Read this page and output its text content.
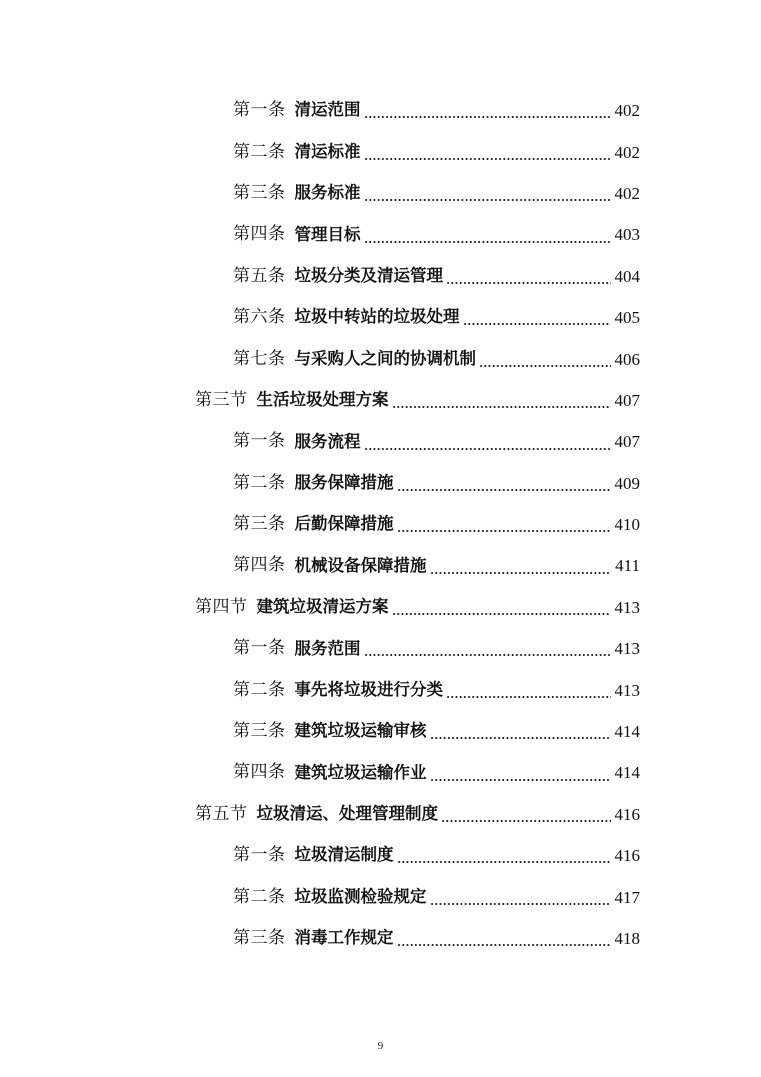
第一条 清运范围	402
第二条 清运标准	402
第三条 服务标准	402
第四条 管理目标	403
第五条 垃圾分类及清运管理	404
第六条 垃圾中转站的垃圾处理	405
第七条 与采购人之间的协调机制	406
第三节 生活垃圾处理方案	407
第一条 服务流程	407
第二条 服务保障措施	409
第三条 后勤保障措施	410
第四条 机械设备保障措施	411
第四节 建筑垃圾清运方案	413
第一条 服务范围	413
第二条 事先将垃圾进行分类	413
第三条 建筑垃圾运输审核	414
第四条 建筑垃圾运输作业	414
第五节 垃圾清运、处理管理制度	416
第一条 垃圾清运制度	416
第二条 垃圾监测检验规定	417
第三条 消毒工作规定	418
9
